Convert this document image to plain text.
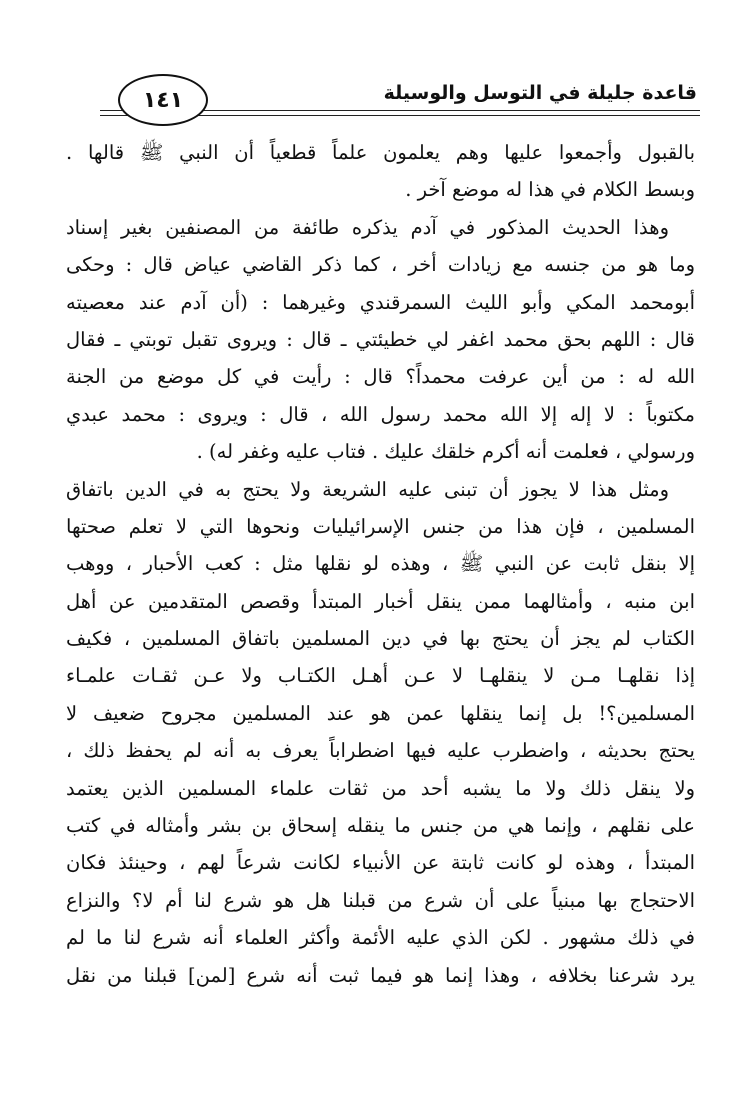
قاعدة جليلة في التوسل والوسيلة
١٤١
بالقبول وأجمعوا عليها وهم يعلمون علماً قطعياً أن النبي ﷺ قالها .
وبسط الكلام في هذا له موضع آخر .
وهذا الحديث المذكور في آدم يذكره طائفة من المصنفين بغير إسناد
وما هو من جنسه مع زيادات أخر ، كما ذكر القاضي عياض قال : وحكى
أبومحمد المكي وأبو الليث السمرقندي وغيرهما : (أن آدم عند معصيته
قال : اللهم بحق محمد اغفر لي خطيئتي ـ قال : ويروى تقبل توبتي ـ فقال
الله له : من أين عرفت محمداً؟ قال : رأيت في كل موضع من الجنة
مكتوباً : لا إله إلا الله محمد رسول الله ، قال : ويروى : محمد عبدي
ورسولي ، فعلمت أنه أكرم خلقك عليك . فتاب عليه وغفر له) .
ومثل هذا لا يجوز أن تبنى عليه الشريعة ولا يحتج به في الدين باتفاق
المسلمين ، فإن هذا من جنس الإسرائيليات ونحوها التي لا تعلم صحتها
إلا بنقل ثابت عن النبي ﷺ ، وهذه لو نقلها مثل : كعب الأحبار ، ووهب
ابن منبه ، وأمثالهما ممن ينقل أخبار المبتدأ وقصص المتقدمين عن أهل
الكتاب لم يجز أن يحتج بها في دين المسلمين باتفاق المسلمين ، فكيف
إذا نقلهـا مـن لا ينقلهـا لا عـن أهـل الكتـاب ولا عـن ثقـات علمـاء
المسلمين؟! بل إنما ينقلها عمن هو عند المسلمين مجروح ضعيف لا
يحتج بحديثه ، واضطرب عليه فيها اضطراباً يعرف به أنه لم يحفظ ذلك ،
ولا ينقل ذلك ولا ما يشبه أحد من ثقات علماء المسلمين الذين يعتمد
على نقلهم ، وإنما هي من جنس ما ينقله إسحاق بن بشر وأمثاله في كتب
المبتدأ ، وهذه لو كانت ثابتة عن الأنبياء لكانت شرعاً لهم ، وحينئذ فكان
الاحتجاج بها مبنياً على أن شرع من قبلنا هل هو شرع لنا أم لا؟ والنزاع
في ذلك مشهور . لكن الذي عليه الأئمة وأكثر العلماء أنه شرع لنا ما لم
يرد شرعنا بخلافه ، وهذا إنما هو فيما ثبت أنه شرع [لمن] قبلنا من نقل
